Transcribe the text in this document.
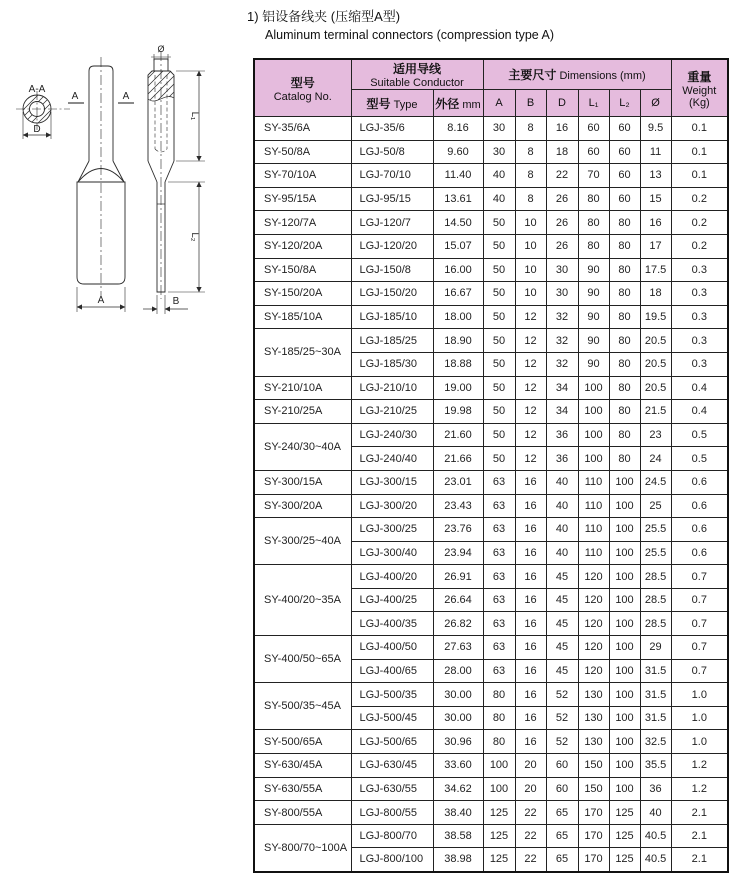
1) 铝设备线夹 (压缩型A型)
Aluminum terminal connectors (compression type A)
A-A
D
A	A
A
Ø
L₁
L₂
B
型号
Catalog No.

适用导线
Suitable Conductor
	主要尺寸 Dimensions (mm)	重量
Weight
(Kg)

	型号 Type	外径 mm	A	B	D	L₁	L₂	Ø	
SY-35/6A	LGJ-35/6	8.16	30	8	16	60	60	9.5	0.1
SY-50/8A	LGJ-50/8	9.60	30	8	18	60	60	11	0.1
SY-70/10A	LGJ-70/10	11.40	40	8	22	70	60	13	0.1
SY-95/15A	LGJ-95/15	13.61	40	8	26	80	60	15	0.2
SY-120/7A	LGJ-120/7	14.50	50	10	26	80	80	16	0.2
SY-120/20A	LGJ-120/20	15.07	50	10	26	80	80	17	0.2
SY-150/8A	LGJ-150/8	16.00	50	10	30	90	80	17.5	0.3
SY-150/20A	LGJ-150/20	16.67	50	10	30	90	80	18	0.3
SY-185/10A	LGJ-185/10	18.00	50	12	32	90	80	19.5	0.3
SY-185/25~30A	LGJ-185/25	18.90	50	12	32	90	80	20.5	0.3
	LGJ-185/30	18.88	50	12	32	90	80	20.5	0.3
SY-210/10A	LGJ-210/10	19.00	50	12	34	100	80	20.5	0.4
SY-210/25A	LGJ-210/25	19.98	50	12	34	100	80	21.5	0.4
SY-240/30~40A	LGJ-240/30	21.60	50	12	36	100	80	23	0.5
	LGJ-240/40	21.66	50	12	36	100	80	24	0.5
SY-300/15A	LGJ-300/15	23.01	63	16	40	110	100	24.5	0.6
SY-300/20A	LGJ-300/20	23.43	63	16	40	110	100	25	0.6
SY-300/25~40A	LGJ-300/25	23.76	63	16	40	110	100	25.5	0.6
	LGJ-300/40	23.94	63	16	40	110	100	25.5	0.6
SY-400/20~35A	LGJ-400/20	26.91	63	16	45	120	100	28.5	0.7
	LGJ-400/25	26.64	63	16	45	120	100	28.5	0.7
	LGJ-400/35	26.82	63	16	45	120	100	28.5	0.7
SY-400/50~65A	LGJ-400/50	27.63	63	16	45	120	100	29	0.7
	LGJ-400/65	28.00	63	16	45	120	100	31.5	0.7
SY-500/35~45A	LGJ-500/35	30.00	80	16	52	130	100	31.5	1.0
	LGJ-500/45	30.00	80	16	52	130	100	31.5	1.0
SY-500/65A	LGJ-500/65	30.96	80	16	52	130	100	32.5	1.0
SY-630/45A	LGJ-630/45	33.60	100	20	60	150	100	35.5	1.2
SY-630/55A	LGJ-630/55	34.62	100	20	60	150	100	36	1.2
SY-800/55A	LGJ-800/55	38.40	125	22	65	170	125	40	2.1
SY-800/70~100A	LGJ-800/70	38.58	125	22	65	170	125	40.5	2.1
	LGJ-800/100	38.98	125	22	65	170	125	40.5	2.1
